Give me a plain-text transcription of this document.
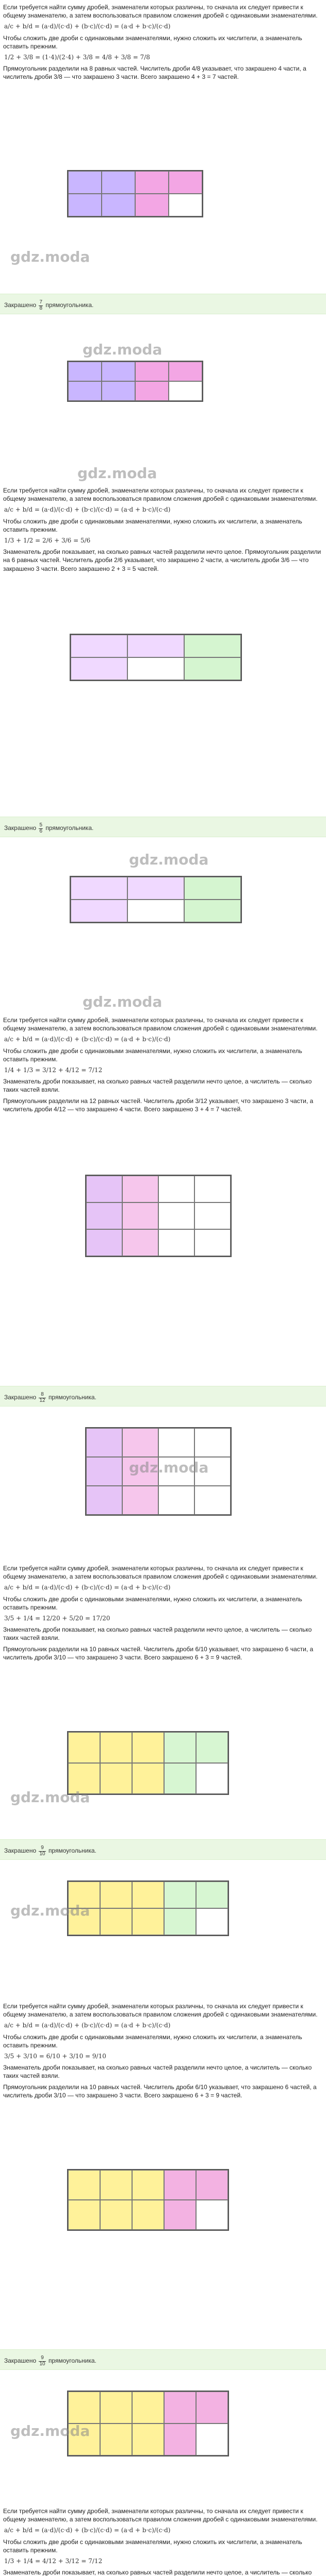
Если требуется найти сумму дробей, знаменатели которых различны, то сначала их следует привести к общему знаменателю, а затем воспользоваться правилом сложения дробей с одинаковыми знаменателями.

a/c + b/d = (a·d)/(c·d) + (b·c)/(c·d) = (a·d + b·c)/(c·d)

Чтобы сложить две дроби с одинаковыми знаменателями, нужно сложить их числители, а знаменатель оставить прежним.

1/2 + 3/8 = (1·4)/(2·4) + 3/8 = 4/8 + 3/8 = 7/8

Прямоугольник разделили на 8 равных частей. Числитель дроби 4/8 указывает, что закрашено 4 части, а числитель дроби 3/8 — что закрашено 3 части. Всего закрашено 4 + 3 = 7 частей.

gdz.moda
Закрашено $\frac{7}{8}$ прямоугольника.
gdz.moda
gdz.moda

Если требуется найти сумму дробей, знаменатели которых различны, то сначала их следует привести к общему знаменателю, а затем воспользоваться правилом сложения дробей с одинаковыми знаменателями.

a/c + b/d = (a·d)/(c·d) + (b·c)/(c·d) = (a·d + b·c)/(c·d)

Чтобы сложить две дроби с одинаковыми знаменателями, нужно сложить их числители, а знаменатель оставить прежним.

1/3 + 1/2 = 2/6 + 3/6 = 5/6

Знаменатель дроби показывает, на сколько равных частей разделили нечто целое. Прямоугольник разделили на 6 равных частей. Числитель дроби 2/6 указывает, что закрашено 2 части, а числитель дроби 3/6 — что закрашено 3 части. Всего закрашено 2 + 3 = 5 частей.

Закрашено $\frac{5}{6}$ прямоугольника.
gdz.moda
gdz.moda

Если требуется найти сумму дробей, знаменатели которых различны, то сначала их следует привести к общему знаменателю, а затем воспользоваться правилом сложения дробей с одинаковыми знаменателями.

a/c + b/d = (a·d)/(c·d) + (b·c)/(c·d) = (a·d + b·c)/(c·d)

Чтобы сложить две дроби с одинаковыми знаменателями, нужно сложить их числители, а знаменатель оставить прежним.

1/4 + 1/3 = 3/12 + 4/12 = 7/12

Знаменатель дроби показывает, на сколько равных частей разделили нечто целое, а числитель — сколько таких частей взяли.

Прямоугольник разделили на 12 равных частей. Числитель дроби 3/12 указывает, что закрашено 3 части, а числитель дроби 4/12 — что закрашено 4 части. Всего закрашено 3 + 4 = 7 частей.

Закрашено $\frac{8}{12}$ прямоугольника.
gdz.moda

Если требуется найти сумму дробей, знаменатели которых различны, то сначала их следует привести к общему знаменателю, а затем воспользоваться правилом сложения дробей с одинаковыми знаменателями.

a/c + b/d = (a·d)/(c·d) + (b·c)/(c·d) = (a·d + b·c)/(c·d)

Чтобы сложить две дроби с одинаковыми знаменателями, нужно сложить их числители, а знаменатель оставить прежним.

3/5 + 1/4 = 12/20 + 5/20 = 17/20

Знаменатель дроби показывает, на сколько равных частей разделили нечто целое, а числитель — сколько таких частей взяли.

Прямоугольник разделили на 10 равных частей. Числитель дроби 6/10 указывает, что закрашено 6 части, а числитель дроби 3/10 — что закрашено 3 части. Всего закрашено 6 + 3 = 9 частей.

gdz.moda
Закрашено $\frac{9}{10}$ прямоугольника.
gdz.moda

Если требуется найти сумму дробей, знаменатели которых различны, то сначала их следует привести к общему знаменателю, а затем воспользоваться правилом сложения дробей с одинаковыми знаменателями.

a/c + b/d = (a·d)/(c·d) + (b·c)/(c·d) = (a·d + b·c)/(c·d)

Чтобы сложить две дроби с одинаковыми знаменателями, нужно сложить их числители, а знаменатель оставить прежним.

3/5 + 3/10 = 6/10 + 3/10 = 9/10

Знаменатель дроби показывает, на сколько равных частей разделили нечто целое, а числитель — сколько таких частей взяли.

Прямоугольник разделили на 10 равных частей. Числитель дроби 6/10 указывает, что закрашено 6 частей, а числитель дроби 3/10 — что закрашено 3 части. Всего закрашено 6 + 3 = 9 частей.

Закрашено $\frac{9}{10}$ прямоугольника.
gdz.moda

Если требуется найти сумму дробей, знаменатели которых различны, то сначала их следует привести к общему знаменателю, а затем воспользоваться правилом сложения дробей с одинаковыми знаменателями.

a/c + b/d = (a·d)/(c·d) + (b·c)/(c·d) = (a·d + b·c)/(c·d)

Чтобы сложить две дроби с одинаковыми знаменателями, нужно сложить их числители, а знаменатель оставить прежним.

1/3 + 1/4 = 4/12 + 3/12 = 7/12

Знаменатель дроби показывает, на сколько равных частей разделили нечто целое, а числитель — сколько
